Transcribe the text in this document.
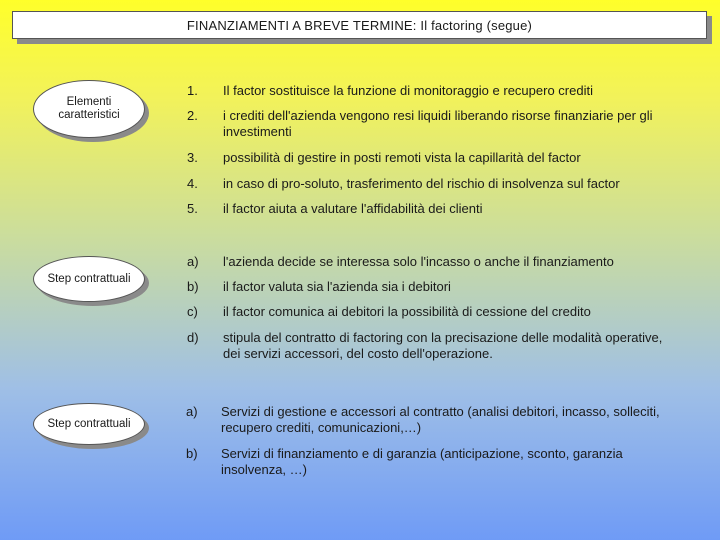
FINANZIAMENTI A BREVE TERMINE: Il factoring (segue)
Elementi caratteristici
Step contrattuali
Step contrattuali
1. Il factor sostituisce la funzione di monitoraggio e recupero crediti
2. i crediti dell'azienda vengono resi liquidi liberando risorse finanziarie per gli investimenti
3. possibilità di gestire in posti remoti vista la capillarità del factor
4. in caso di pro-soluto, trasferimento del rischio di insolvenza sul factor
5. il factor aiuta a valutare l'affidabilità dei clienti
a) l'azienda decide se interessa solo l'incasso o anche il finanziamento
b) il factor valuta sia l'azienda sia i debitori
c) il factor comunica ai debitori la possibilità di cessione del credito
d) stipula del contratto di factoring con la precisazione delle modalità operative, dei servizi accessori, del costo dell'operazione.
a) Servizi di gestione e accessori al contratto (analisi debitori, incasso, solleciti, recupero crediti, comunicazioni,…)
b) Servizi di finanziamento e di garanzia (anticipazione, sconto, garanzia insolvenza, …)
